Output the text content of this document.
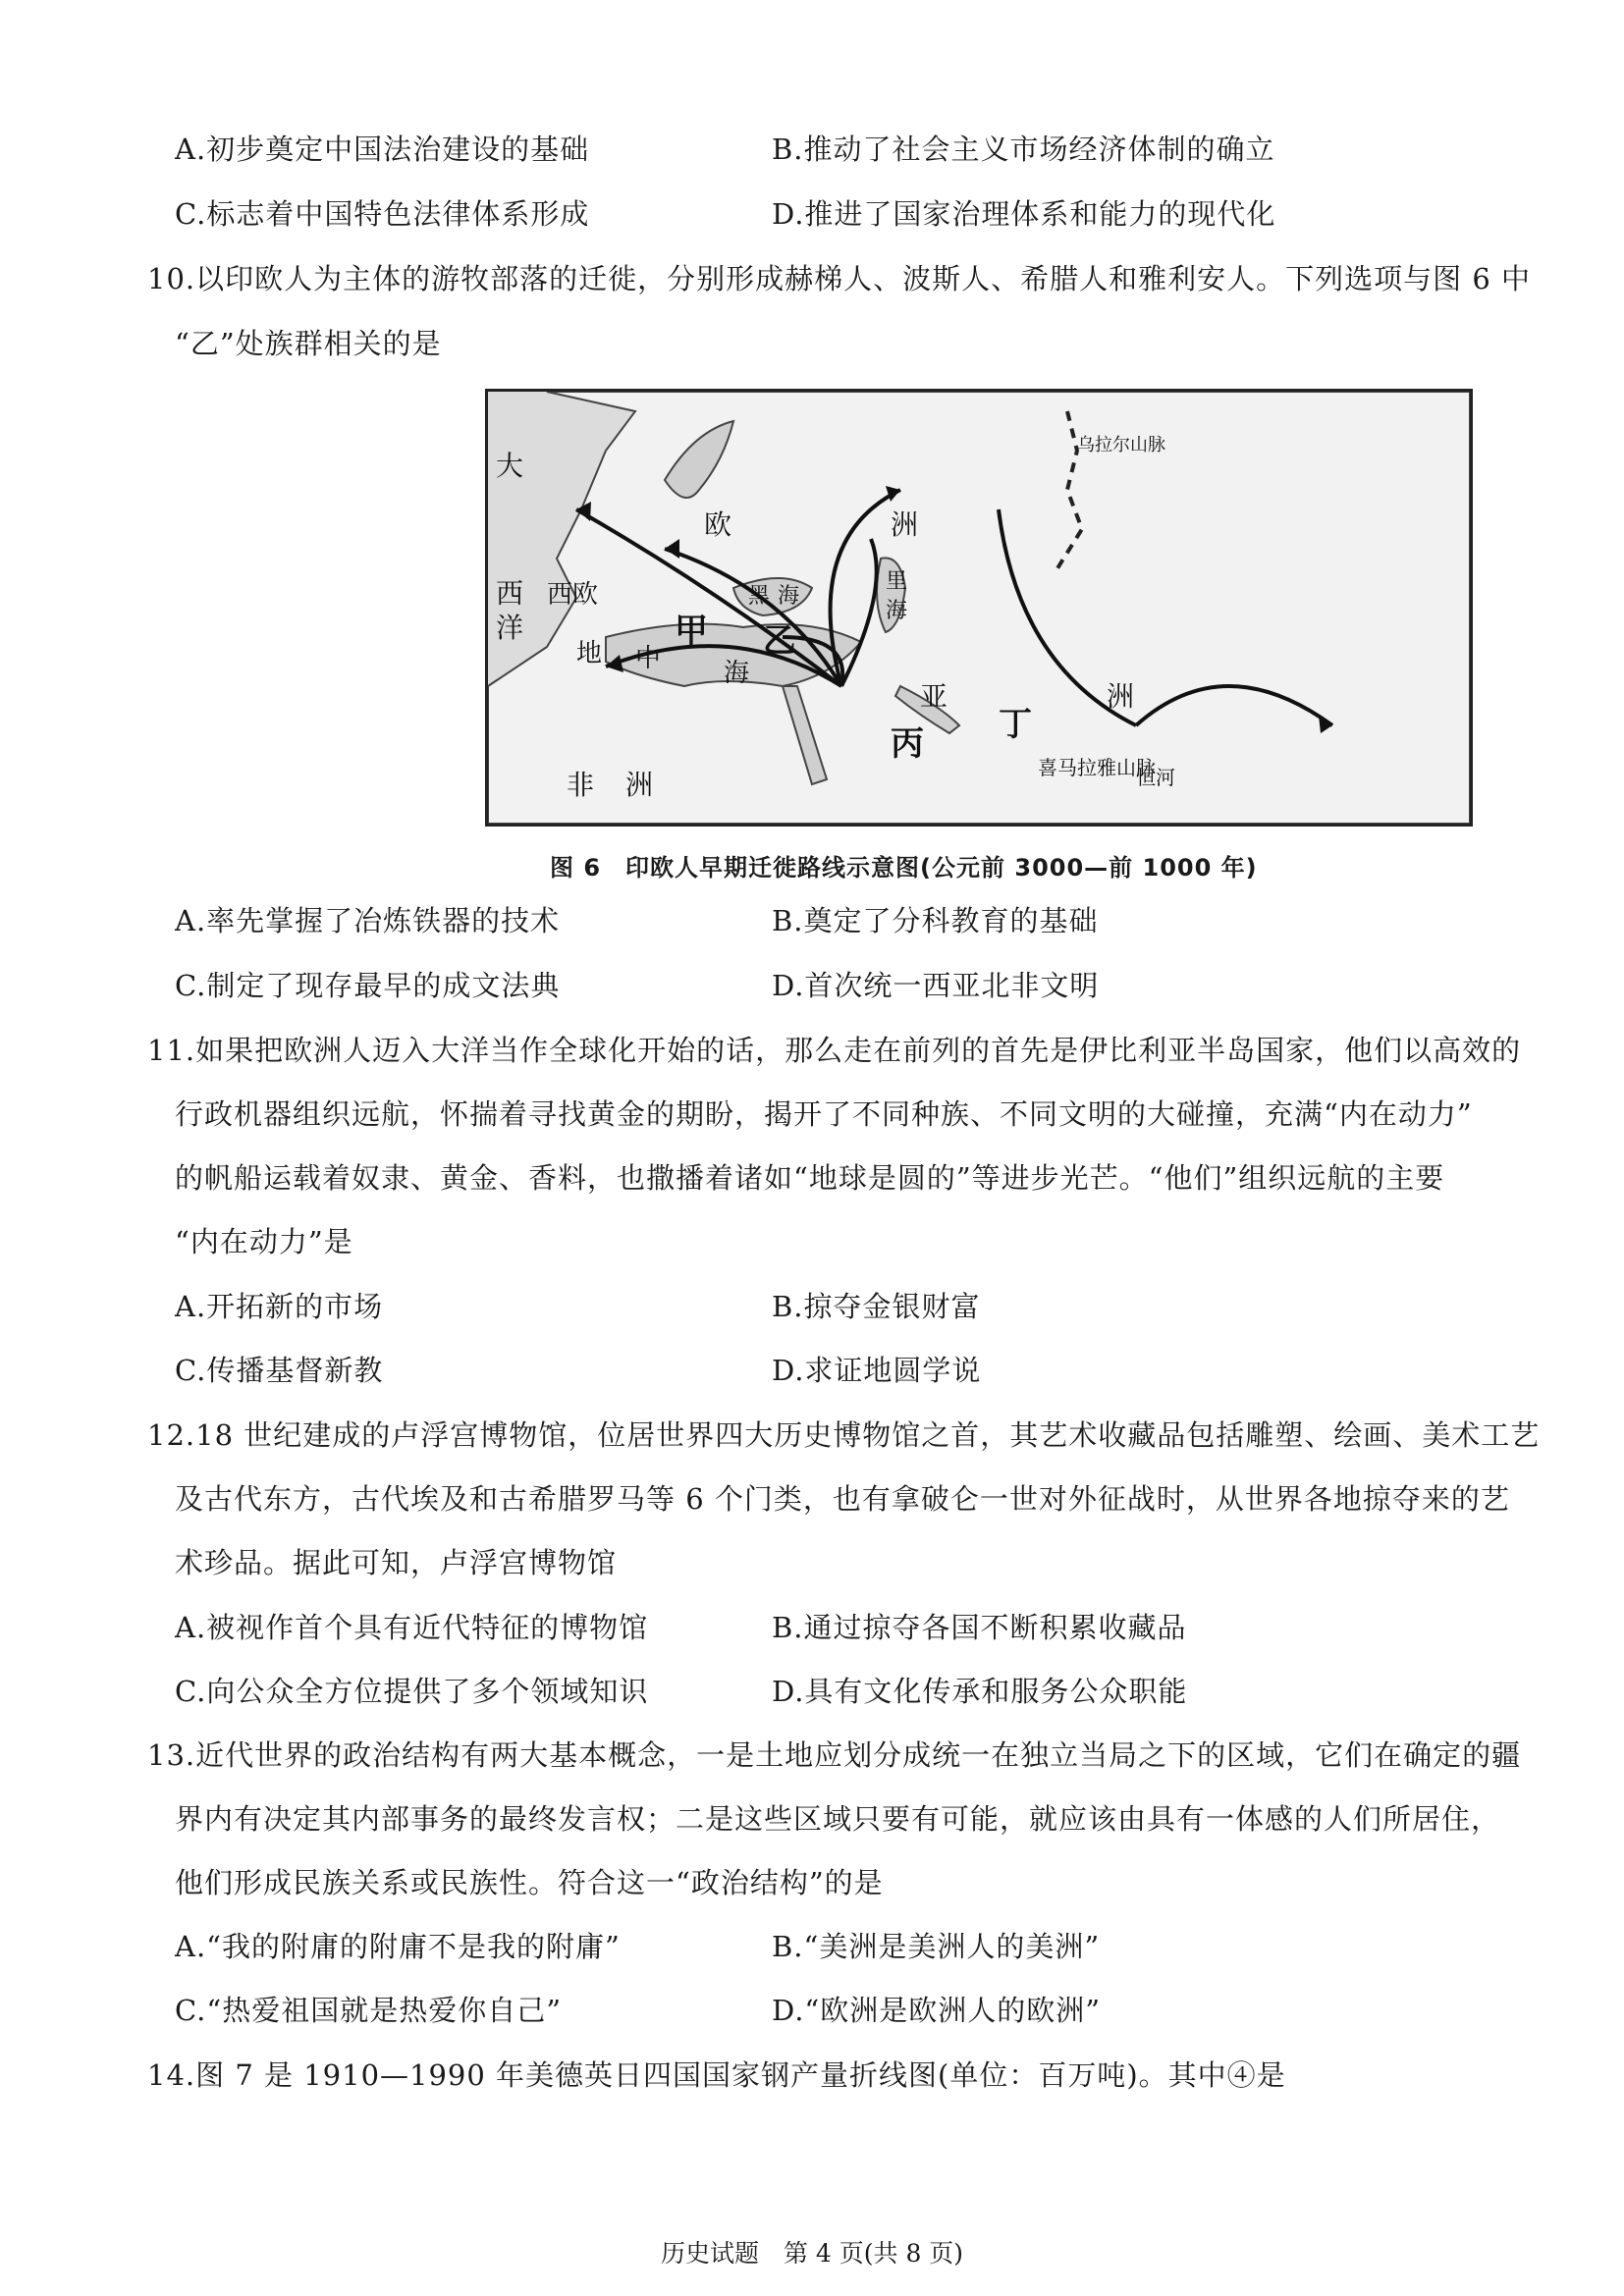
A.初步奠定中国法治建设的基础	B.推动了社会主义市场经济体制的确立
C.标志着中国特色法律体系形成	D.推进了国家治理体系和能力的现代化
10.以印欧人为主体的游牧部落的迁徙，分别形成赫梯人、波斯人、希腊人和雅利安人。下列选项与图 6 中
“乙”处族群相关的是
大
西
洋
欧	洲
西欧
地 中 海
黑 海
里
海
甲 乙
丙 丁
亚	洲
非 洲
喜马拉雅山脉
恒河
乌拉尔山脉
图 6　印欧人早期迁徙路线示意图(公元前 3000—前 1000 年)
A.率先掌握了冶炼铁器的技术	B.奠定了分科教育的基础
C.制定了现存最早的成文法典	D.首次统一西亚北非文明
11.如果把欧洲人迈入大洋当作全球化开始的话，那么走在前列的首先是伊比利亚半岛国家，他们以高效的
行政机器组织远航，怀揣着寻找黄金的期盼，揭开了不同种族、不同文明的大碰撞，充满“内在动力”
的帆船运载着奴隶、黄金、香料，也撒播着诸如“地球是圆的”等进步光芒。“他们”组织远航的主要
“内在动力”是
A.开拓新的市场	B.掠夺金银财富
C.传播基督新教	D.求证地圆学说
12.18 世纪建成的卢浮宫博物馆，位居世界四大历史博物馆之首，其艺术收藏品包括雕塑、绘画、美术工艺
及古代东方，古代埃及和古希腊罗马等 6 个门类，也有拿破仑一世对外征战时，从世界各地掠夺来的艺
术珍品。据此可知，卢浮宫博物馆
A.被视作首个具有近代特征的博物馆	B.通过掠夺各国不断积累收藏品
C.向公众全方位提供了多个领域知识	D.具有文化传承和服务公众职能
13.近代世界的政治结构有两大基本概念，一是土地应划分成统一在独立当局之下的区域，它们在确定的疆
界内有决定其内部事务的最终发言权；二是这些区域只要有可能，就应该由具有一体感的人们所居住，
他们形成民族关系或民族性。符合这一“政治结构”的是
A.“我的附庸的附庸不是我的附庸”	B.“美洲是美洲人的美洲”
C.“热爱祖国就是热爱你自己”	D.“欧洲是欧洲人的欧洲”
14.图 7 是 1910—1990 年美德英日四国国家钢产量折线图(单位：百万吨)。其中④是
历史试题　第 4 页(共 8 页)
